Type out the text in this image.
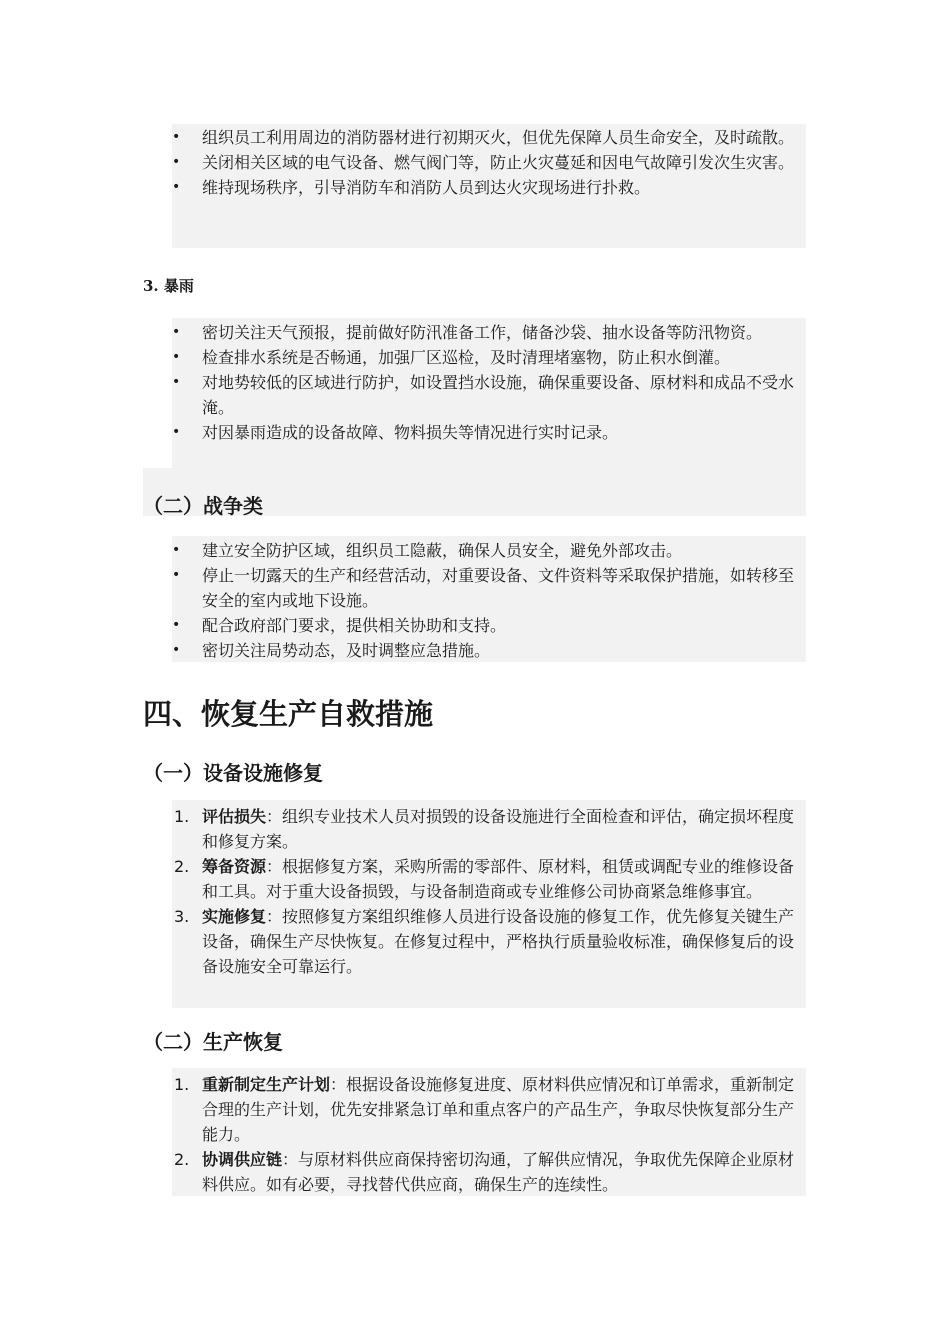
• 组织员工利用周边的消防器材进行初期灭火，但优先保障人员生命安全，及时疏散。
• 关闭相关区域的电气设备、燃气阀门等，防止火灾蔓延和因电气故障引发次生灾害。
• 维持现场秩序，引导消防车和消防人员到达火灾现场进行扑救。
3. 暴雨
• 密切关注天气预报，提前做好防汛准备工作，储备沙袋、抽水设备等防汛物资。
• 检查排水系统是否畅通，加强厂区巡检，及时清理堵塞物，防止积水倒灌。
• 对地势较低的区域进行防护，如设置挡水设施，确保重要设备、原材料和成品不受水淹。
• 对因暴雨造成的设备故障、物料损失等情况进行实时记录。
（二）战争类
• 建立安全防护区域，组织员工隐蔽，确保人员安全，避免外部攻击。
• 停止一切露天的生产和经营活动，对重要设备、文件资料等采取保护措施，如转移至安全的室内或地下设施。
• 配合政府部门要求，提供相关协助和支持。
• 密切关注局势动态，及时调整应急措施。
四、恢复生产自救措施
（一）设备设施修复
1. 评估损失：组织专业技术人员对损毁的设备设施进行全面检查和评估，确定损坏程度和修复方案。
2. 筹备资源：根据修复方案，采购所需的零部件、原材料，租赁或调配专业的维修设备和工具。对于重大设备损毁，与设备制造商或专业维修公司协商紧急维修事宜。
3. 实施修复：按照修复方案组织维修人员进行设备设施的修复工作，优先修复关键生产设备，确保生产尽快恢复。在修复过程中，严格执行质量验收标准，确保修复后的设备设施安全可靠运行。
（二）生产恢复
1. 重新制定生产计划：根据设备设施修复进度、原材料供应情况和订单需求，重新制定合理的生产计划，优先安排紧急订单和重点客户的产品生产，争取尽快恢复部分生产能力。
2. 协调供应链：与原材料供应商保持密切沟通，了解供应情况，争取优先保障企业原材料供应。如有必要，寻找替代供应商，确保生产的连续性。
